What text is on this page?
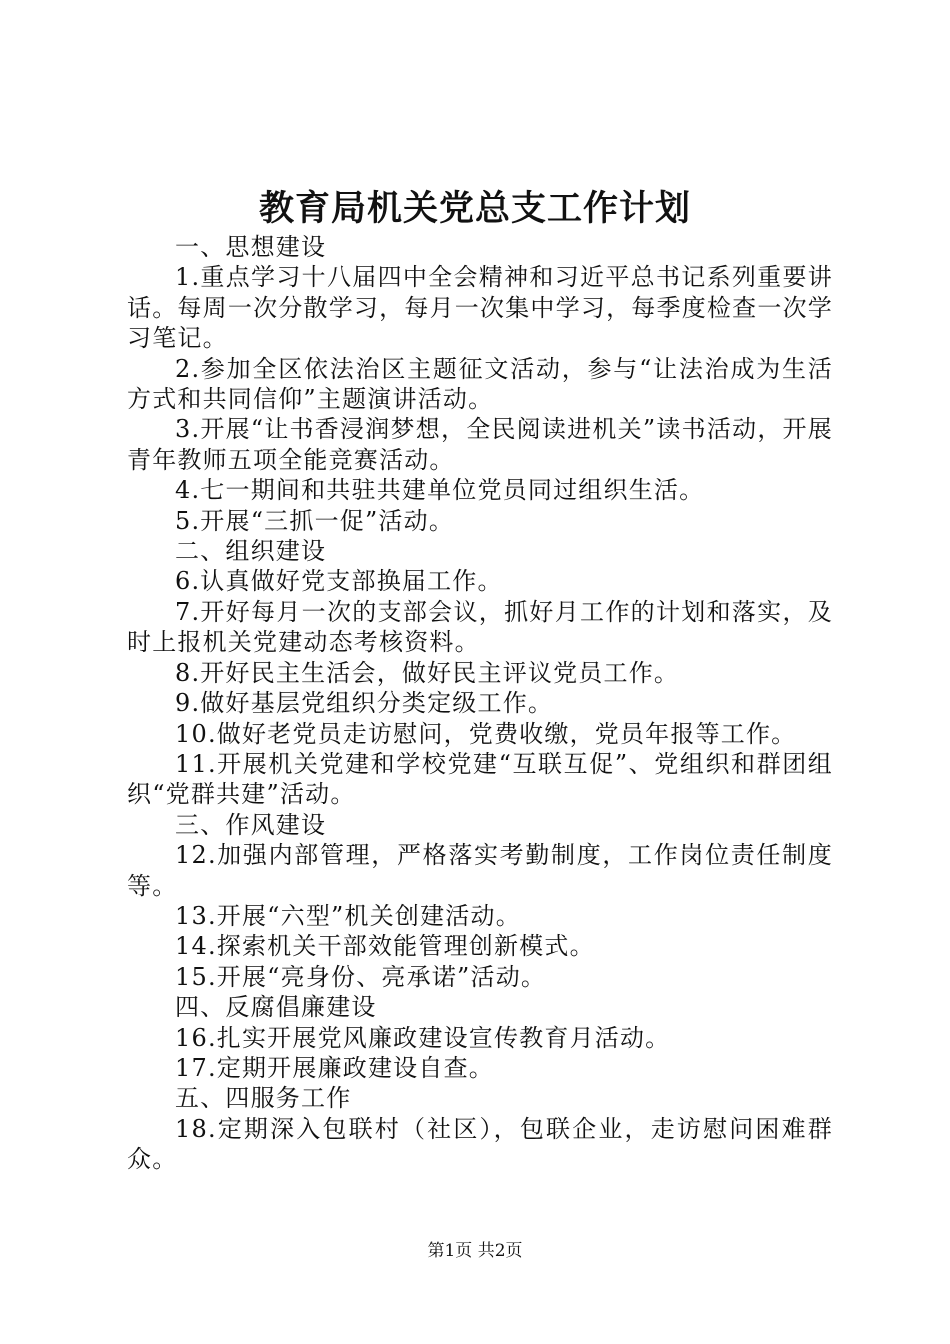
教育局机关党总支工作计划

一、思想建设

1.重点学习十八届四中全会精神和习近平总书记系列重要讲话。每周一次分散学习，每月一次集中学习，每季度检查一次学习笔记。

2.参加全区依法治区主题征文活动，参与“让法治成为生活方式和共同信仰”主题演讲活动。

3.开展“让书香浸润梦想，全民阅读进机关”读书活动，开展青年教师五项全能竞赛活动。

4.七一期间和共驻共建单位党员同过组织生活。

5.开展“三抓一促”活动。

二、组织建设

6.认真做好党支部换届工作。

7.开好每月一次的支部会议，抓好月工作的计划和落实，及时上报机关党建动态考核资料。

8.开好民主生活会，做好民主评议党员工作。

9.做好基层党组织分类定级工作。

10.做好老党员走访慰问，党费收缴，党员年报等工作。

11.开展机关党建和学校党建“互联互促”、党组织和群团组织“党群共建”活动。

三、作风建设

12.加强内部管理，严格落实考勤制度，工作岗位责任制度等。

13.开展“六型”机关创建活动。

14.探索机关干部效能管理创新模式。

15.开展“亮身份、亮承诺”活动。

四、反腐倡廉建设

16.扎实开展党风廉政建设宣传教育月活动。

17.定期开展廉政建设自查。

五、四服务工作

18.定期深入包联村（社区），包联企业，走访慰问困难群众。

第1页 共2页
